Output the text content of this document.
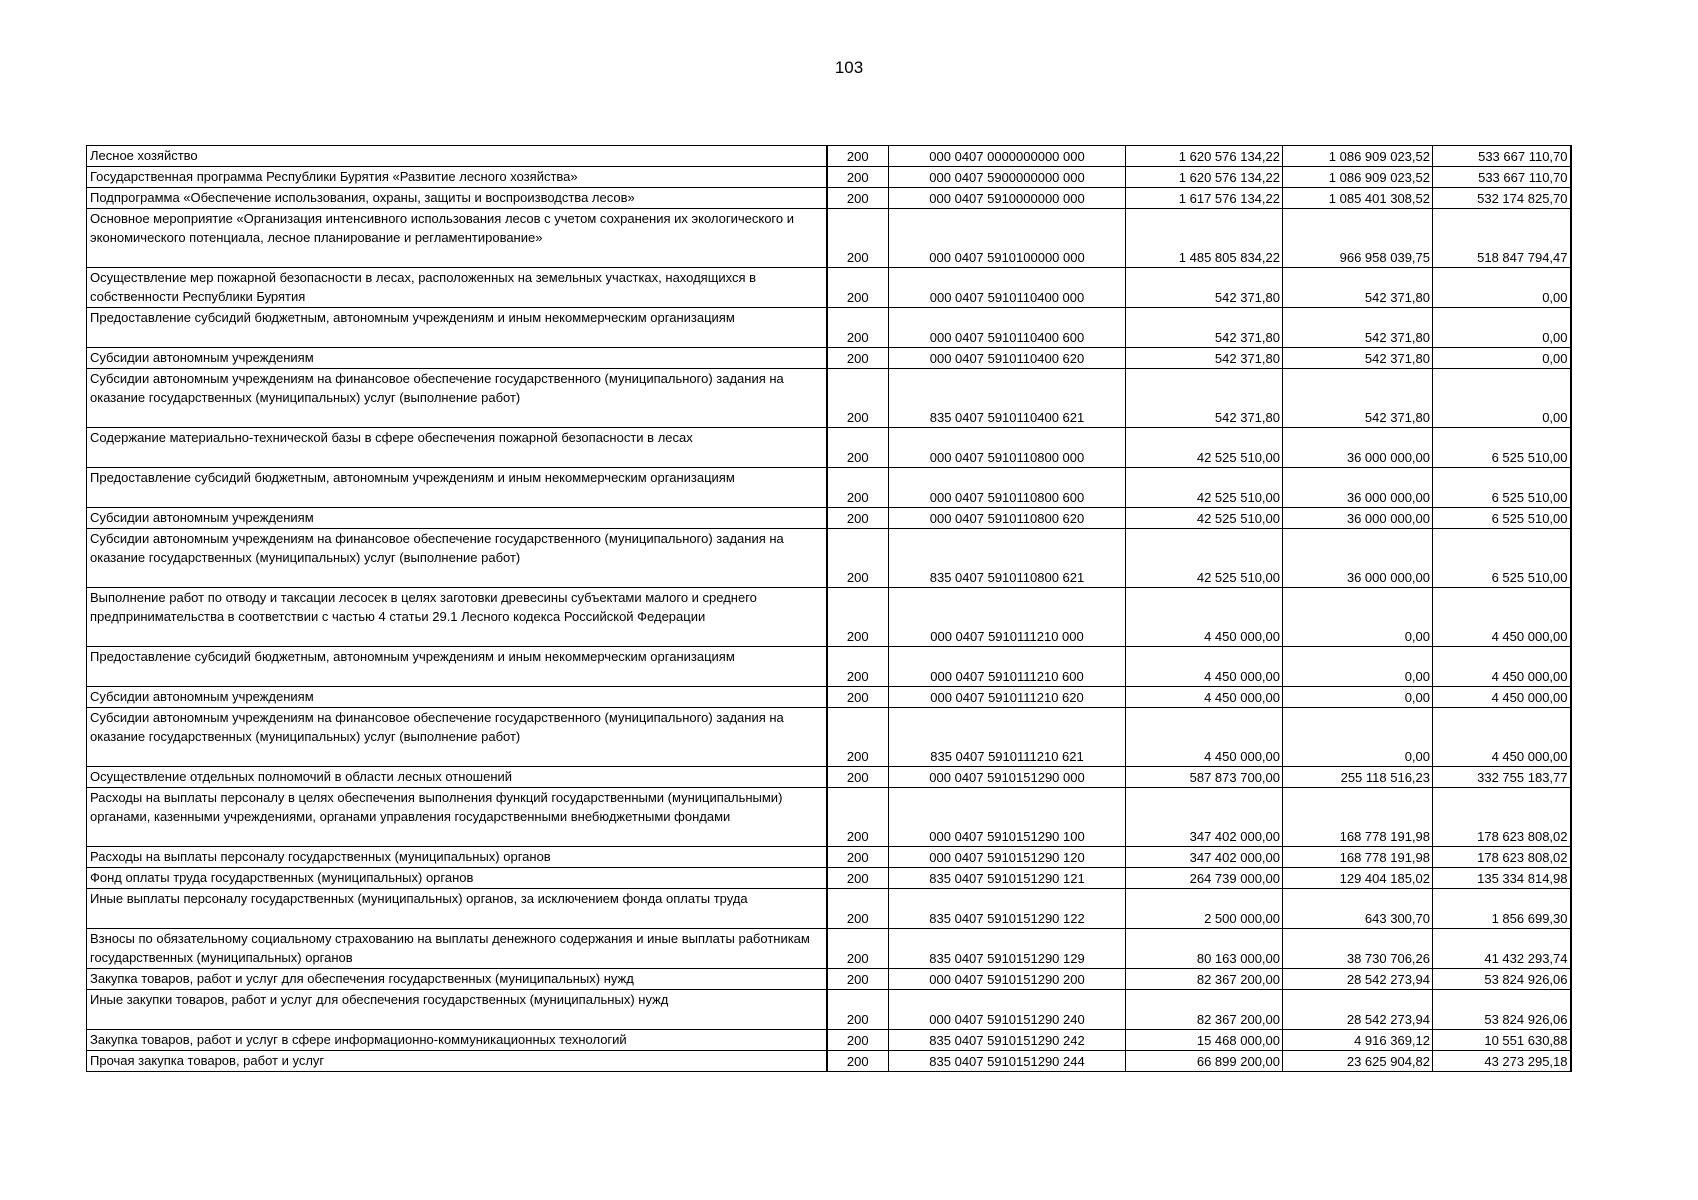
103
Лесное хозяйство	200	000 0407 0000000000 000	1 620 576 134,22	1 086 909 023,52	533 667 110,70
Государственная программа Республики Бурятия «Развитие лесного хозяйства»	200	000 0407 5900000000 000	1 620 576 134,22	1 086 909 023,52	533 667 110,70
Подпрограмма «Обеспечение использования, охраны, защиты и воспроизводства лесов»	200	000 0407 5910000000 000	1 617 576 134,22	1 085 401 308,52	532 174 825,70
Основное мероприятие «Организация интенсивного использования лесов с учетом сохранения их экологического и экономического потенциала, лесное планирование и регламентирование»	200	000 0407 5910100000 000	1 485 805 834,22	966 958 039,75	518 847 794,47
Осуществление мер пожарной безопасности в лесах, расположенных на земельных участках, находящихся в собственности Республики Бурятия	200	000 0407 5910110400 000	542 371,80	542 371,80	0,00
Предоставление субсидий бюджетным, автономным учреждениям и иным некоммерческим организациям	200	000 0407 5910110400 600	542 371,80	542 371,80	0,00
Субсидии автономным учреждениям	200	000 0407 5910110400 620	542 371,80	542 371,80	0,00
Субсидии автономным учреждениям на финансовое обеспечение государственного (муниципального) задания на оказание государственных (муниципальных) услуг (выполнение работ)	200	835 0407 5910110400 621	542 371,80	542 371,80	0,00
Содержание материально-технической базы в сфере обеспечения пожарной безопасности в лесах	200	000 0407 5910110800 000	42 525 510,00	36 000 000,00	6 525 510,00
Предоставление субсидий бюджетным, автономным учреждениям и иным некоммерческим организациям	200	000 0407 5910110800 600	42 525 510,00	36 000 000,00	6 525 510,00
Субсидии автономным учреждениям	200	000 0407 5910110800 620	42 525 510,00	36 000 000,00	6 525 510,00
Субсидии автономным учреждениям на финансовое обеспечение государственного (муниципального) задания на оказание государственных (муниципальных) услуг (выполнение работ)	200	835 0407 5910110800 621	42 525 510,00	36 000 000,00	6 525 510,00
Выполнение работ по отводу и таксации лесосек в целях заготовки древесины субъектами малого и среднего предпринимательства в соответствии с частью 4 статьи 29.1 Лесного кодекса Российской Федерации	200	000 0407 5910111210 000	4 450 000,00	0,00	4 450 000,00
Предоставление субсидий бюджетным, автономным учреждениям и иным некоммерческим организациям	200	000 0407 5910111210 600	4 450 000,00	0,00	4 450 000,00
Субсидии автономным учреждениям	200	000 0407 5910111210 620	4 450 000,00	0,00	4 450 000,00
Субсидии автономным учреждениям на финансовое обеспечение государственного (муниципального) задания на оказание государственных (муниципальных) услуг (выполнение работ)	200	835 0407 5910111210 621	4 450 000,00	0,00	4 450 000,00
Осуществление отдельных полномочий в области лесных отношений	200	000 0407 5910151290 000	587 873 700,00	255 118 516,23	332 755 183,77
Расходы на выплаты персоналу в целях обеспечения выполнения функций государственными (муниципальными) органами, казенными учреждениями, органами управления государственными внебюджетными фондами	200	000 0407 5910151290 100	347 402 000,00	168 778 191,98	178 623 808,02
Расходы на выплаты персоналу государственных (муниципальных) органов	200	000 0407 5910151290 120	347 402 000,00	168 778 191,98	178 623 808,02
Фонд оплаты труда государственных (муниципальных) органов	200	835 0407 5910151290 121	264 739 000,00	129 404 185,02	135 334 814,98
Иные выплаты персоналу государственных (муниципальных) органов, за исключением фонда оплаты труда	200	835 0407 5910151290 122	2 500 000,00	643 300,70	1 856 699,30
Взносы по обязательному социальному страхованию на выплаты денежного содержания и иные выплаты работникам государственных (муниципальных) органов	200	835 0407 5910151290 129	80 163 000,00	38 730 706,26	41 432 293,74
Закупка товаров, работ и услуг для обеспечения государственных (муниципальных) нужд	200	000 0407 5910151290 200	82 367 200,00	28 542 273,94	53 824 926,06
Иные закупки товаров, работ и услуг для обеспечения государственных (муниципальных) нужд	200	000 0407 5910151290 240	82 367 200,00	28 542 273,94	53 824 926,06
Закупка товаров, работ и услуг в сфере информационно-коммуникационных технологий	200	835 0407 5910151290 242	15 468 000,00	4 916 369,12	10 551 630,88
Прочая закупка товаров, работ и услуг	200	835 0407 5910151290 244	66 899 200,00	23 625 904,82	43 273 295,18
